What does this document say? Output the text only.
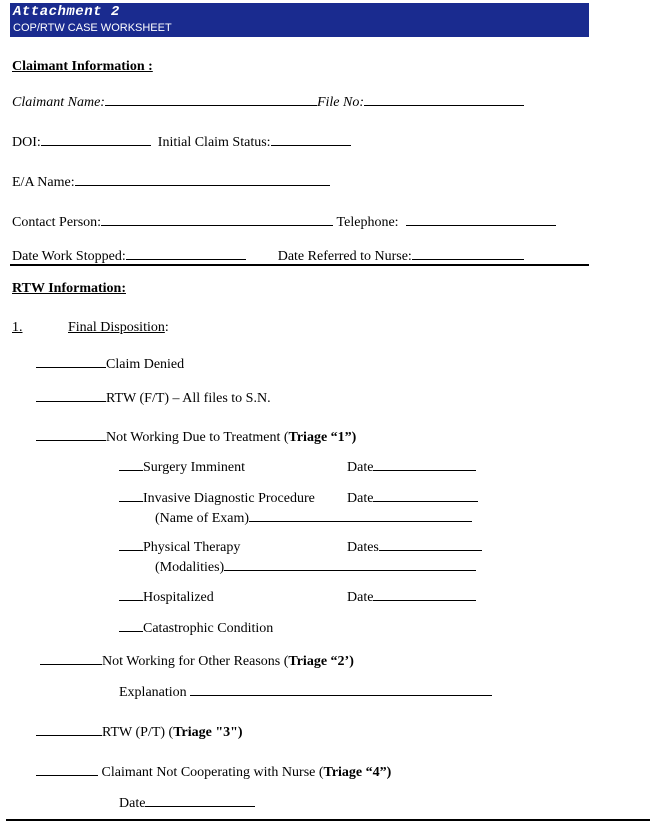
Attachment 2
COP/RTW CASE WORKSHEET
Claimant Information :
Claimant Name:	File No:
DOI:	Initial Claim Status:
E/A Name:
Contact Person:	Telephone:
Date Work Stopped:	Date Referred to Nurse:
RTW Information:
1.	Final Disposition:
Claim Denied
RTW (F/T) – All files to S.N.
Not Working Due to Treatment (Triage “1”)
Surgery Imminent	Date
Invasive Diagnostic Procedure Date
(Name of Exam)
Physical Therapy	Dates
(Modalities)
Hospitalized	Date
Catastrophic Condition
Not Working for Other Reasons (Triage “2’)
Explanation
RTW (P/T) (Triage "3")
Claimant Not Cooperating with Nurse (Triage “4”)
Date
